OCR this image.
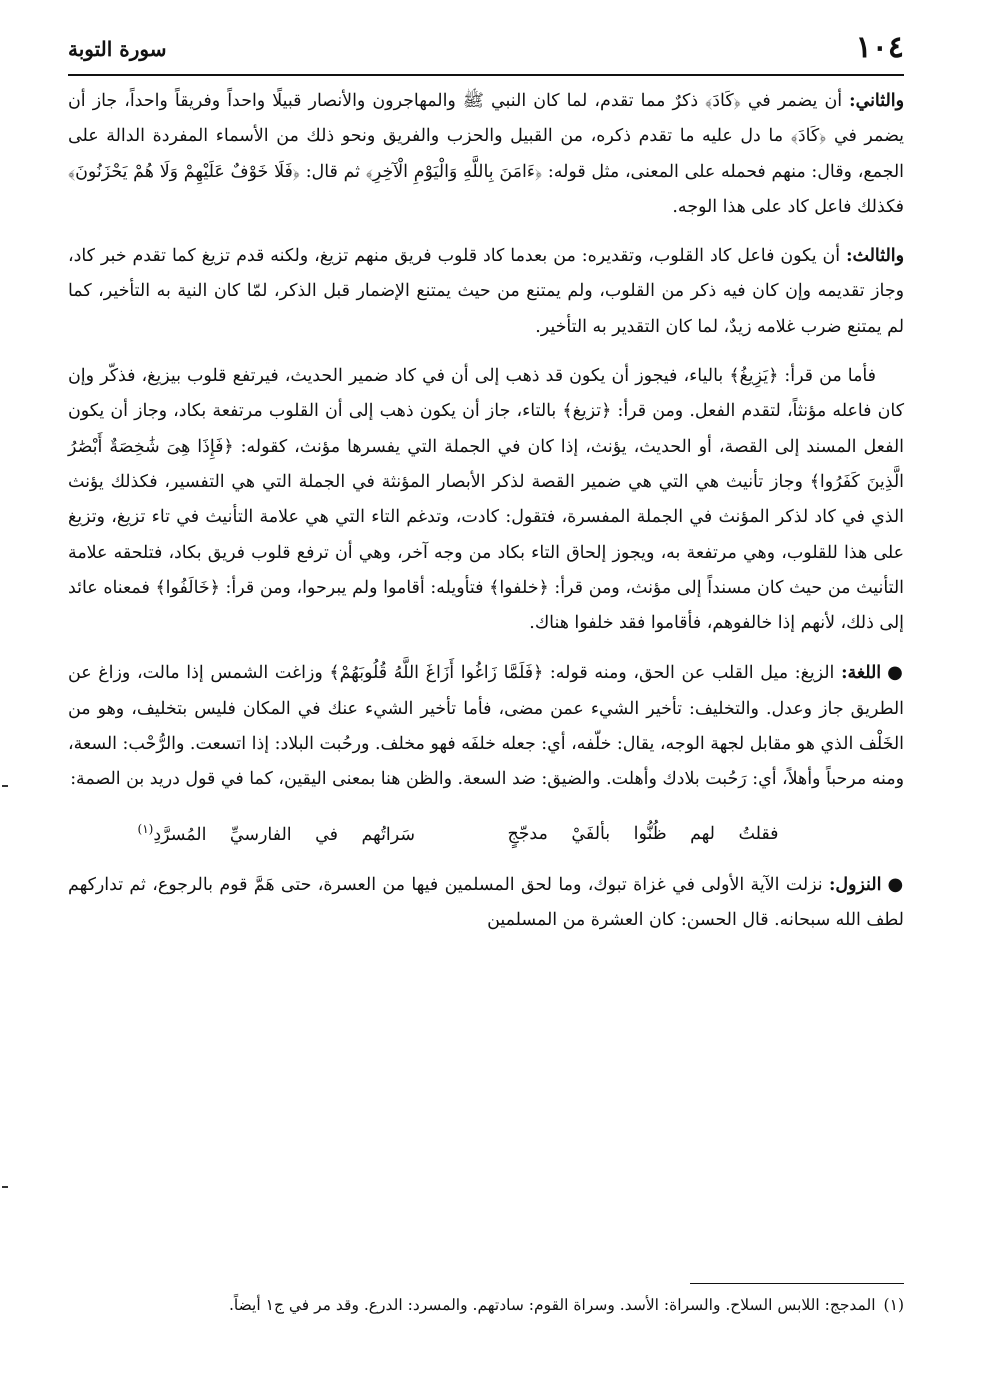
١٠٤
سورة التوبة

والثاني: أن يضمر في ﴿كَادَ﴾ ذكرٌ مما تقدم، لما كان النبي ﷺ والمهاجرون والأنصار قبيلًا واحداً وفريقاً واحداً، جاز أن يضمر في ﴿كَادَ﴾ ما دل عليه ما تقدم ذكره، من القبيل والحزب والفريق ونحو ذلك من الأسماء المفردة الدالة على الجمع، وقال: منهم فحمله على المعنى، مثل قوله: ﴿ءَامَنَ بِاللَّهِ وَالْيَوْمِ الْآخِرِ﴾ ثم قال: ﴿فَلَا خَوْفٌ عَلَيْهِمْ وَلَا هُمْ يَحْزَنُونَ﴾ فكذلك فاعل كاد على هذا الوجه.

والثالث: أن يكون فاعل كاد القلوب، وتقديره: من بعدما كاد قلوب فريق منهم تزيغ، ولكنه قدم تزيغ كما تقدم خبر كاد، وجاز تقديمه وإن كان فيه ذكر من القلوب، ولم يمتنع من حيث يمتنع الإضمار قبل الذكر، لمّا كان النية به التأخير، كما لم يمتنع ضرب غلامه زيدٌ، لما كان التقدير به التأخير.

فأما من قرأ: ﴿يَزِيغُ﴾ بالياء، فيجوز أن يكون قد ذهب إلى أن في كاد ضمير الحديث، فيرتفع قلوب بيزيغ، فذكّر وإن كان فاعله مؤنثاً، لتقدم الفعل. ومن قرأ: ﴿تزيغ﴾ بالتاء، جاز أن يكون ذهب إلى أن القلوب مرتفعة بكاد، وجاز أن يكون الفعل المسند إلى القصة، أو الحديث، يؤنث، إذا كان في الجملة التي يفسرها مؤنث، كقوله: ﴿فَإِذَا هِىَ شَٰخِصَةٌ أَبْصَٰرُ الَّذِينَ كَفَرُوا﴾ وجاز تأنيث هي التي هي ضمير القصة لذكر الأبصار المؤنثة في الجملة التي هي التفسير، فكذلك يؤنث الذي في كاد لذكر المؤنث في الجملة المفسرة، فتقول: كادت، وتدغم التاء التي هي علامة التأنيث في تاء تزيغ، وتزيغ على هذا للقلوب، وهي مرتفعة به، ويجوز إلحاق التاء بكاد من وجه آخر، وهي أن ترفع قلوب فريق بكاد، فتلحقه علامة التأنيث من حيث كان مسنداً إلى مؤنث، ومن قرأ: ﴿خلفوا﴾ فتأويله: أقاموا ولم يبرحوا، ومن قرأ: ﴿خَالَفُوا﴾ فمعناه عائد إلى ذلك، لأنهم إذا خالفوهم، فأقاموا فقد خلفوا هناك.

●اللغة: الزيغ: ميل القلب عن الحق، ومنه قوله: ﴿فَلَمَّا زَاغُوا أَزَاغَ اللَّهُ قُلُوبَهُمْ﴾ وزاغت الشمس إذا مالت، وزاغ عن الطريق جاز وعدل. والتخليف: تأخير الشيء عمن مضى، فأما تأخير الشيء عنك في المكان فليس بتخليف، وهو من الخَلْف الذي هو مقابل لجهة الوجه، يقال: خلّفه، أي: جعله خلفَه فهو مخلف. ورحُبت البلاد: إذا اتسعت. والرُّحْب: السعة، ومنه مرحباً وأهلاً، أي: رَحُبت بلادك وأهلت. والضيق: ضد السعة. والظن هنا بمعنى اليقين، كما في قول دريد بن الصمة:

فقلتُ لهم ظُنُّوا بألفَيْ مدجّجٍ سَراتُهم في الفارسيِّ المُسرَّدِ$^{(١)}$

●النزول: نزلت الآية الأولى في غزاة تبوك، وما لحق المسلمين فيها من العسرة، حتى هَمَّ قوم بالرجوع، ثم تداركهم لطف الله سبحانه. قال الحسن: كان العشرة من المسلمين

(١)المدجج: اللابس السلاح. والسراة: الأسد. وسراة القوم: سادتهم. والمسرد: الدرع. وقد مر في ج١ أيضاً.
